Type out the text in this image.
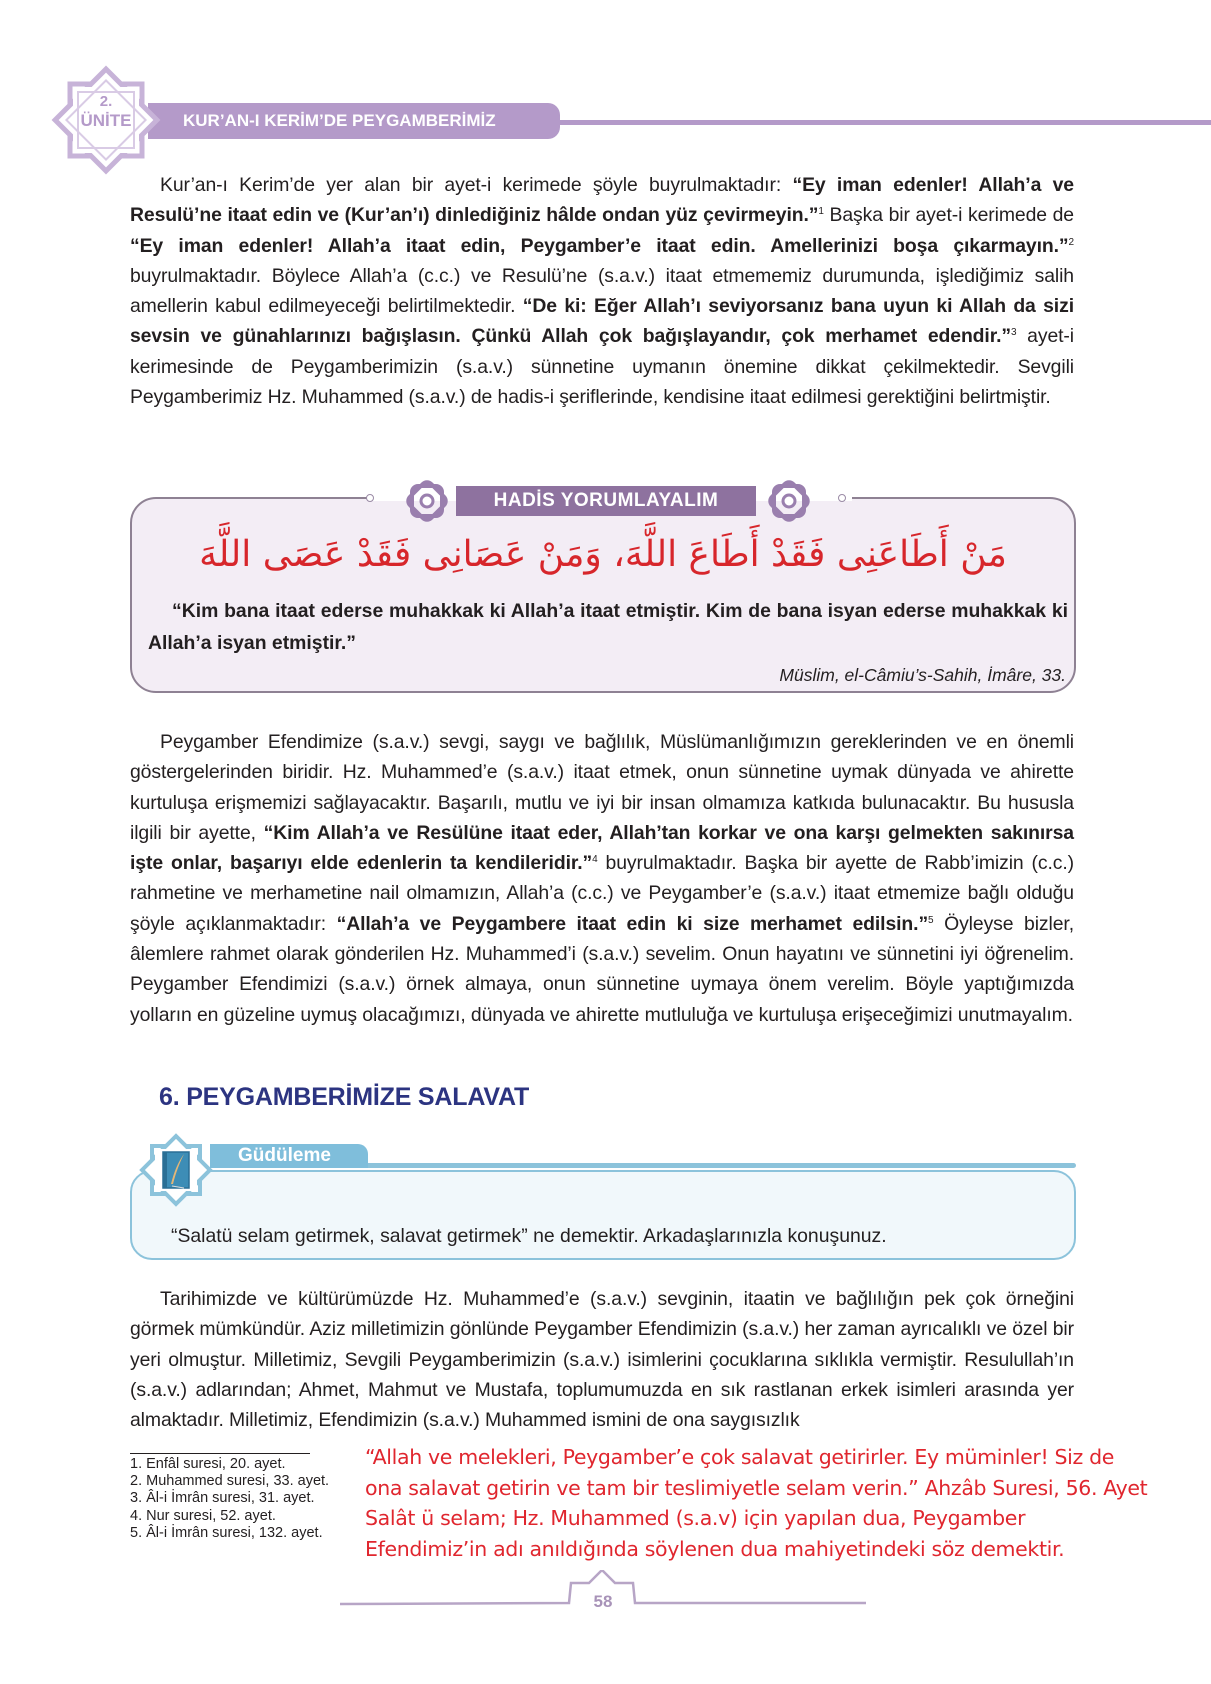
KUR’AN-I KERİM’DE PEYGAMBERİMİZ
2.
ÜNİTE
Kur’an-ı Kerim’de yer alan bir ayet-i kerimede şöyle buyrulmaktadır: “Ey iman edenler! Allah’a ve Resulü’ne itaat edin ve (Kur’an’ı) dinlediğiniz hâlde ondan yüz çevirmeyin.”$^1$ Başka bir ayet-i kerimede de “Ey iman edenler! Allah’a itaat edin, Peygamber’e itaat edin. Amellerinizi boşa çıkarmayın.”$^2$ buyrulmaktadır. Böylece Allah’a (c.c.) ve Resulü’ne (s.a.v.) itaat etmememiz durumunda, işlediğimiz salih amellerin kabul edilmeyeceği belirtilmektedir. “De ki: Eğer Allah’ı seviyorsanız bana uyun ki Allah da sizi sevsin ve günahlarınızı bağışlasın. Çünkü Allah çok bağışlayandır, çok merhamet edendir.”$^3$ ayet-i kerimesinde de Peygamberimizin (s.a.v.) sünnetine uymanın önemine dikkat çekilmektedir. Sevgili Peygamberimiz Hz. Muhammed (s.a.v.) de hadis-i şeriflerinde, kendisine itaat edilmesi gerektiğini belirtmiştir.
HADİS YORUMLAYALIM
مَنْ أَطَاعَنِى فَقَدْ أَطَاعَ اللَّهَ، وَمَنْ عَصَانِى فَقَدْ عَصَى اللَّهَ
“Kim bana itaat ederse muhakkak ki Allah’a itaat etmiştir. Kim de bana isyan ederse muhakkak ki Allah’a isyan etmiştir.”
Müslim, el-Câmiu’s-Sahih, İmâre, 33.
Peygamber Efendimize (s.a.v.) sevgi, saygı ve bağlılık, Müslümanlığımızın gereklerinden ve en önemli göstergelerinden biridir. Hz. Muhammed’e (s.a.v.) itaat etmek, onun sünnetine uymak dünyada ve ahirette kurtuluşa erişmemizi sağlayacaktır. Başarılı, mutlu ve iyi bir insan olmamıza katkıda bulunacaktır. Bu hususla ilgili bir ayette, “Kim Allah’a ve Resülüne itaat eder, Allah’tan korkar ve ona karşı gelmekten sakınırsa işte onlar, başarıyı elde edenlerin ta kendileridir.”$^4$ buyrulmaktadır. Başka bir ayette de Rabb’imizin (c.c.) rahmetine ve merhametine nail olmamızın, Allah’a (c.c.) ve Peygamber’e (s.a.v.) itaat etmemize bağlı olduğu şöyle açıklanmaktadır: “Allah’a ve Peygambere itaat edin ki size merhamet edilsin.”$^5$ Öyleyse bizler, âlemlere rahmet olarak gönderilen Hz. Muhammed’i (s.a.v.) sevelim. Onun hayatını ve sünnetini iyi öğrenelim. Peygamber Efendimizi (s.a.v.) örnek almaya, onun sünnetine uymaya önem verelim. Böyle yaptığımızda yolların en güzeline uymuş olacağımızı, dünyada ve ahirette mutluluğa ve kurtuluşa erişeceğimizi unutmayalım.
6. PEYGAMBERİMİZE SALAVAT
Güdüleme
“Salatü selam getirmek, salavat getirmek” ne demektir. Arkadaşlarınızla konuşunuz.
Tarihimizde ve kültürümüzde Hz. Muhammed’e (s.a.v.) sevginin, itaatin ve bağlılığın pek çok örneğini görmek mümkündür. Aziz milletimizin gönlünde Peygamber Efendimizin (s.a.v.) her zaman ayrıcalıklı ve özel bir yeri olmuştur. Milletimiz, Sevgili Peygamberimizin (s.a.v.) isimlerini çocuklarına sıklıkla vermiştir. Resulullah’ın (s.a.v.) adlarından; Ahmet, Mahmut ve Mustafa, toplumumuzda en sık rastlanan erkek isimleri arasında yer almaktadır. Milletimiz, Efendimizin (s.a.v.) Muhammed ismini de ona saygısızlık
1. Enfâl suresi, 20. ayet.
2. Muhammed suresi, 33. ayet.
3. Âl-i İmrân suresi, 31. ayet.
4. Nur suresi, 52. ayet.
5. Âl-i İmrân suresi, 132. ayet.
“Allah ve melekleri, Peygamber’e çok salavat getirirler. Ey müminler! Siz de
ona salavat getirin ve tam bir teslimiyetle selam verin.” Ahzâb Suresi, 56. Ayet
Salât ü selam; Hz. Muhammed (s.a.v) için yapılan dua, Peygamber
Efendimiz’in adı anıldığında söylenen dua mahiyetindeki söz demektir.
58
